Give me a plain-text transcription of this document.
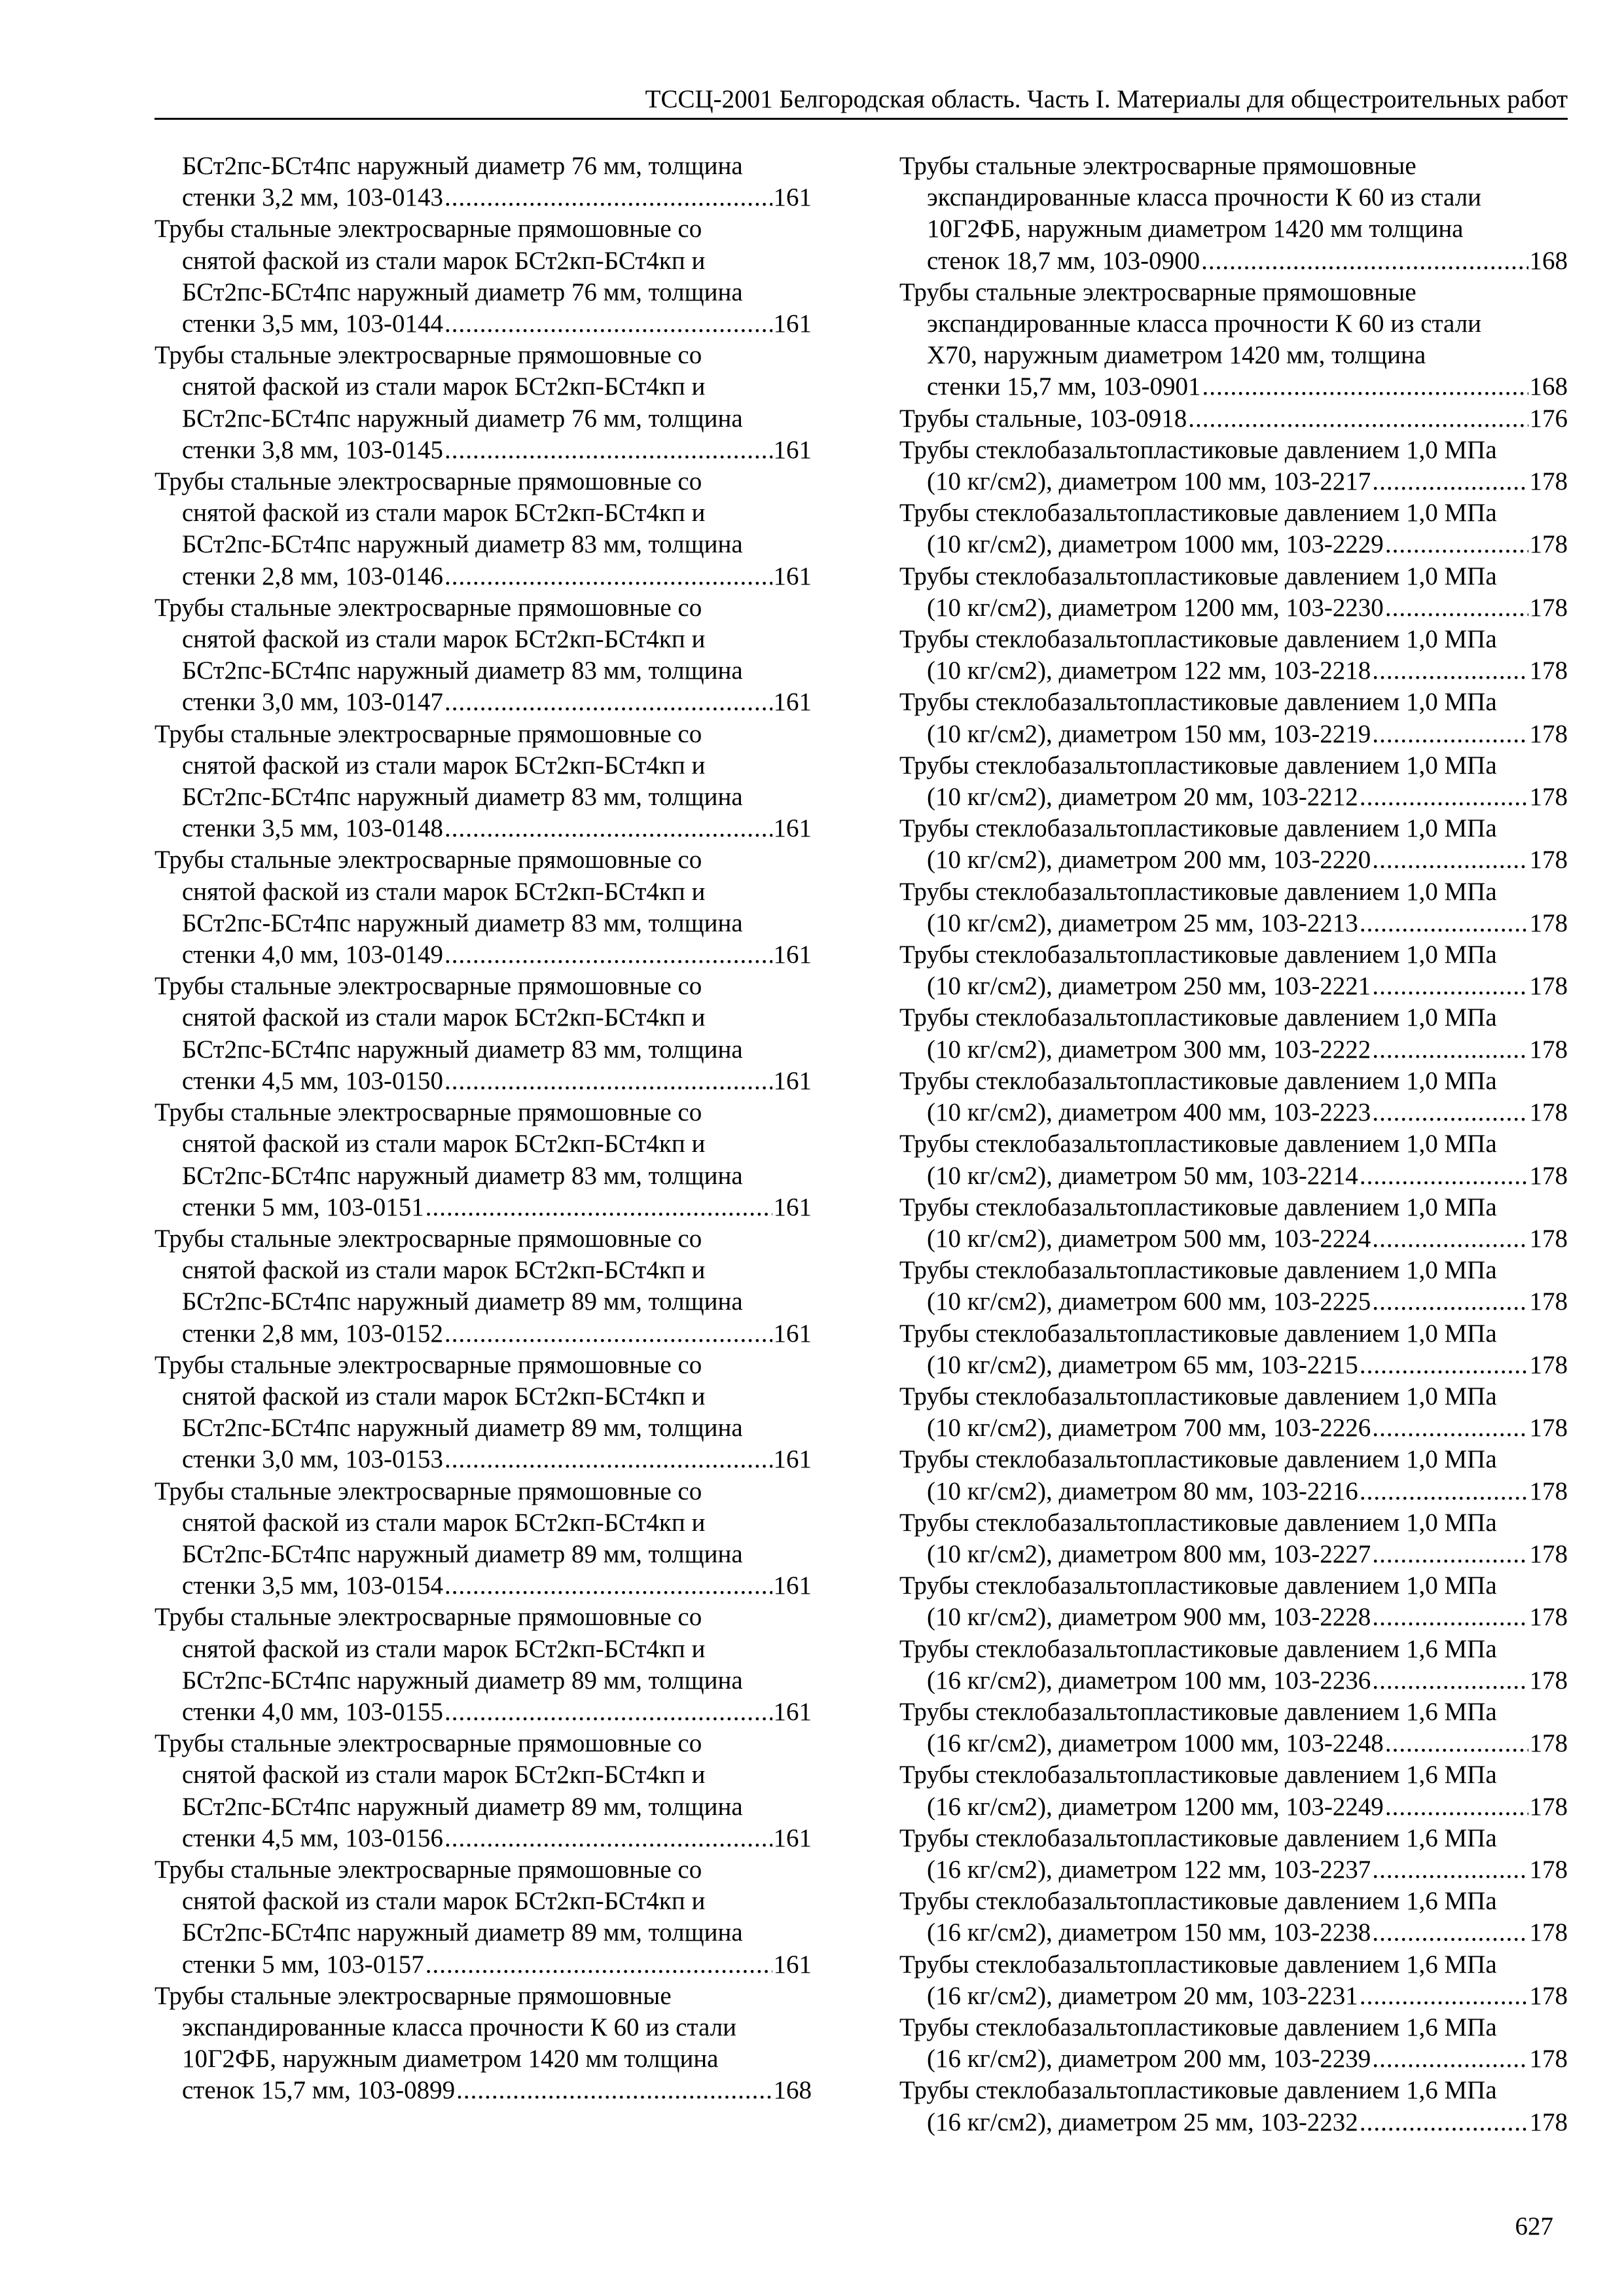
ТССЦ-2001 Белгородская область. Часть I. Материалы для общестроительных работ
БСт2пс-БСт4пс наружный диаметр 76 мм, толщина
стенки 3,2 мм, 103-0143 .....	161
Трубы стальные электросварные прямошовные со
снятой фаской из стали марок БСт2кп-БСт4кп и
БСт2пс-БСт4пс наружный диаметр 76 мм, толщина
стенки 3,5 мм, 103-0144 .....	161
Трубы стальные электросварные прямошовные со
снятой фаской из стали марок БСт2кп-БСт4кп и
БСт2пс-БСт4пс наружный диаметр 76 мм, толщина
стенки 3,8 мм, 103-0145 .....	161
Трубы стальные электросварные прямошовные со
снятой фаской из стали марок БСт2кп-БСт4кп и
БСт2пс-БСт4пс наружный диаметр 83 мм, толщина
стенки 2,8 мм, 103-0146 .....	161
Трубы стальные электросварные прямошовные со
снятой фаской из стали марок БСт2кп-БСт4кп и
БСт2пс-БСт4пс наружный диаметр 83 мм, толщина
стенки 3,0 мм, 103-0147 .....	161
Трубы стальные электросварные прямошовные со
снятой фаской из стали марок БСт2кп-БСт4кп и
БСт2пс-БСт4пс наружный диаметр 83 мм, толщина
стенки 3,5 мм, 103-0148 .....	161
Трубы стальные электросварные прямошовные со
снятой фаской из стали марок БСт2кп-БСт4кп и
БСт2пс-БСт4пс наружный диаметр 83 мм, толщина
стенки 4,0 мм, 103-0149 .....	161
Трубы стальные электросварные прямошовные со
снятой фаской из стали марок БСт2кп-БСт4кп и
БСт2пс-БСт4пс наружный диаметр 83 мм, толщина
стенки 4,5 мм, 103-0150 .....	161
Трубы стальные электросварные прямошовные со
снятой фаской из стали марок БСт2кп-БСт4кп и
БСт2пс-БСт4пс наружный диаметр 83 мм, толщина
стенки 5 мм, 103-0151 .....	161
Трубы стальные электросварные прямошовные со
снятой фаской из стали марок БСт2кп-БСт4кп и
БСт2пс-БСт4пс наружный диаметр 89 мм, толщина
стенки 2,8 мм, 103-0152 .....	161
Трубы стальные электросварные прямошовные со
снятой фаской из стали марок БСт2кп-БСт4кп и
БСт2пс-БСт4пс наружный диаметр 89 мм, толщина
стенки 3,0 мм, 103-0153 .....	161
Трубы стальные электросварные прямошовные со
снятой фаской из стали марок БСт2кп-БСт4кп и
БСт2пс-БСт4пс наружный диаметр 89 мм, толщина
стенки 3,5 мм, 103-0154 .....	161
Трубы стальные электросварные прямошовные со
снятой фаской из стали марок БСт2кп-БСт4кп и
БСт2пс-БСт4пс наружный диаметр 89 мм, толщина
стенки 4,0 мм, 103-0155 .....	161
Трубы стальные электросварные прямошовные со
снятой фаской из стали марок БСт2кп-БСт4кп и
БСт2пс-БСт4пс наружный диаметр 89 мм, толщина
стенки 4,5 мм, 103-0156 .....	161
Трубы стальные электросварные прямошовные со
снятой фаской из стали марок БСт2кп-БСт4кп и
БСт2пс-БСт4пс наружный диаметр 89 мм, толщина
стенки 5 мм, 103-0157 .....	161
Трубы стальные электросварные прямошовные
экспандированные класса прочности К 60 из стали
10Г2ФБ, наружным диаметром 1420 мм толщина
стенок 15,7 мм, 103-0899 .....	168
Трубы стальные электросварные прямошовные
экспандированные класса прочности К 60 из стали
10Г2ФБ, наружным диаметром 1420 мм толщина
стенок 18,7 мм, 103-0900 .....	168
Трубы стальные электросварные прямошовные
экспандированные класса прочности К 60 из стали
Х70, наружным диаметром 1420 мм, толщина
стенки 15,7 мм, 103-0901 .....	168
Трубы стальные, 103-0918 .....	176
Трубы стеклобазальтопластиковые давлением 1,0 МПа
(10 кг/см2), диаметром 100 мм, 103-2217 .....	178
Трубы стеклобазальтопластиковые давлением 1,0 МПа
(10 кг/см2), диаметром 1000 мм, 103-2229 .....	178
Трубы стеклобазальтопластиковые давлением 1,0 МПа
(10 кг/см2), диаметром 1200 мм, 103-2230 .....	178
Трубы стеклобазальтопластиковые давлением 1,0 МПа
(10 кг/см2), диаметром 122 мм, 103-2218 .....	178
Трубы стеклобазальтопластиковые давлением 1,0 МПа
(10 кг/см2), диаметром 150 мм, 103-2219 .....	178
Трубы стеклобазальтопластиковые давлением 1,0 МПа
(10 кг/см2), диаметром 20 мм, 103-2212 .....	178
Трубы стеклобазальтопластиковые давлением 1,0 МПа
(10 кг/см2), диаметром 200 мм, 103-2220 .....	178
Трубы стеклобазальтопластиковые давлением 1,0 МПа
(10 кг/см2), диаметром 25 мм, 103-2213 .....	178
Трубы стеклобазальтопластиковые давлением 1,0 МПа
(10 кг/см2), диаметром 250 мм, 103-2221 .....	178
Трубы стеклобазальтопластиковые давлением 1,0 МПа
(10 кг/см2), диаметром 300 мм, 103-2222 .....	178
Трубы стеклобазальтопластиковые давлением 1,0 МПа
(10 кг/см2), диаметром 400 мм, 103-2223 .....	178
Трубы стеклобазальтопластиковые давлением 1,0 МПа
(10 кг/см2), диаметром 50 мм, 103-2214 .....	178
Трубы стеклобазальтопластиковые давлением 1,0 МПа
(10 кг/см2), диаметром 500 мм, 103-2224 .....	178
Трубы стеклобазальтопластиковые давлением 1,0 МПа
(10 кг/см2), диаметром 600 мм, 103-2225 .....	178
Трубы стеклобазальтопластиковые давлением 1,0 МПа
(10 кг/см2), диаметром 65 мм, 103-2215 .....	178
Трубы стеклобазальтопластиковые давлением 1,0 МПа
(10 кг/см2), диаметром 700 мм, 103-2226 .....	178
Трубы стеклобазальтопластиковые давлением 1,0 МПа
(10 кг/см2), диаметром 80 мм, 103-2216 .....	178
Трубы стеклобазальтопластиковые давлением 1,0 МПа
(10 кг/см2), диаметром 800 мм, 103-2227 .....	178
Трубы стеклобазальтопластиковые давлением 1,0 МПа
(10 кг/см2), диаметром 900 мм, 103-2228 .....	178
Трубы стеклобазальтопластиковые давлением 1,6 МПа
(16 кг/см2), диаметром 100 мм, 103-2236 .....	178
Трубы стеклобазальтопластиковые давлением 1,6 МПа
(16 кг/см2), диаметром 1000 мм, 103-2248 .....	178
Трубы стеклобазальтопластиковые давлением 1,6 МПа
(16 кг/см2), диаметром 1200 мм, 103-2249 .....	178
Трубы стеклобазальтопластиковые давлением 1,6 МПа
(16 кг/см2), диаметром 122 мм, 103-2237 .....	178
Трубы стеклобазальтопластиковые давлением 1,6 МПа
(16 кг/см2), диаметром 150 мм, 103-2238 .....	178
Трубы стеклобазальтопластиковые давлением 1,6 МПа
(16 кг/см2), диаметром 20 мм, 103-2231 .....	178
Трубы стеклобазальтопластиковые давлением 1,6 МПа
(16 кг/см2), диаметром 200 мм, 103-2239 .....	178
Трубы стеклобазальтопластиковые давлением 1,6 МПа
(16 кг/см2), диаметром 25 мм, 103-2232 .....	178
627
